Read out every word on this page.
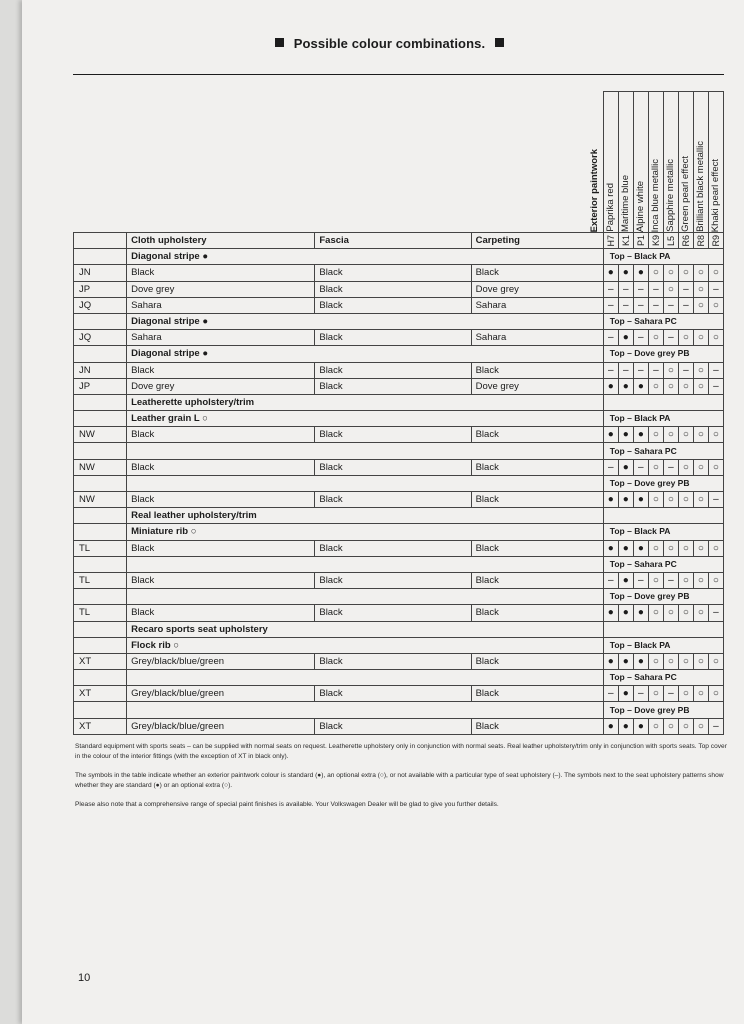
Possible colour combinations.
Exterior paintwork				Paprika red	Maritime blue	Alpine white	Inca blue metallic	Sapphire metallic	Green pearl effect	Brilliant black metallic	Khaki pearl effect

	Cloth upholstery	Fascia	Carpeting	H7	K1	P1	K9	L5	R6	R8	R9

	Diagonal stripe ●			Top – Black PA							
JN	Black	Black	Black	●	●	●	○	○	○	○	○
JP	Dove grey	Black	Dove grey	–	–	–	–	○	–	○	–
JQ	Sahara	Black	Sahara	–	–	–	–	–	–	○	○
	Diagonal stripe ●			Top – Sahara PC							
JQ	Sahara	Black	Sahara	–	●	–	○	–	○	○	○
	Diagonal stripe ●			Top – Dove grey PB							
JN	Black	Black	Black	–	–	–	–	○	–	○	–
JP	Dove grey	Black	Dove grey	●	●	●	○	○	○	○	–
	Leatherette upholstery/trim										
	Leather grain L ○			Top – Black PA							
NW	Black	Black	Black	●	●	●	○	○	○	○	○
				Top – Sahara PC							
NW	Black	Black	Black	–	●	–	○	–	○	○	○
				Top – Dove grey PB							
NW	Black	Black	Black	●	●	●	○	○	○	○	–
	Real leather upholstery/trim										
	Miniature rib ○			Top – Black PA							
TL	Black	Black	Black	●	●	●	○	○	○	○	○
				Top – Sahara PC							
TL	Black	Black	Black	–	●	–	○	–	○	○	○
				Top – Dove grey PB							
TL	Black	Black	Black	●	●	●	○	○	○	○	–
	Recaro sports seat upholstery										
	Flock rib ○			Top – Black PA							
XT	Grey/black/blue/green	Black	Black	●	●	●	○	○	○	○	○
				Top – Sahara PC							
XT	Grey/black/blue/green	Black	Black	–	●	–	○	–	○	○	○
				Top – Dove grey PB							
XT	Grey/black/blue/green	Black	Black	●	●	●	○	○	○	○	–

Standard equipment with sports seats – can be supplied with normal seats on request. Leatherette upholstery only in conjunction with normal seats. Real leather upholstery/trim only in conjunction with sports seats. Top cover in the colour of the interior fittings (with the exception of XT in black only).

The symbols in the table indicate whether an exterior paintwork colour is standard (●), an optional extra (○), or not available with a particular type of seat upholstery (–). The symbols next to the seat upholstery patterns show whether they are standard (●) or an optional extra (○).

Please also note that a comprehensive range of special paint finishes is available. Your Volkswagen Dealer will be glad to give you further details.

10
